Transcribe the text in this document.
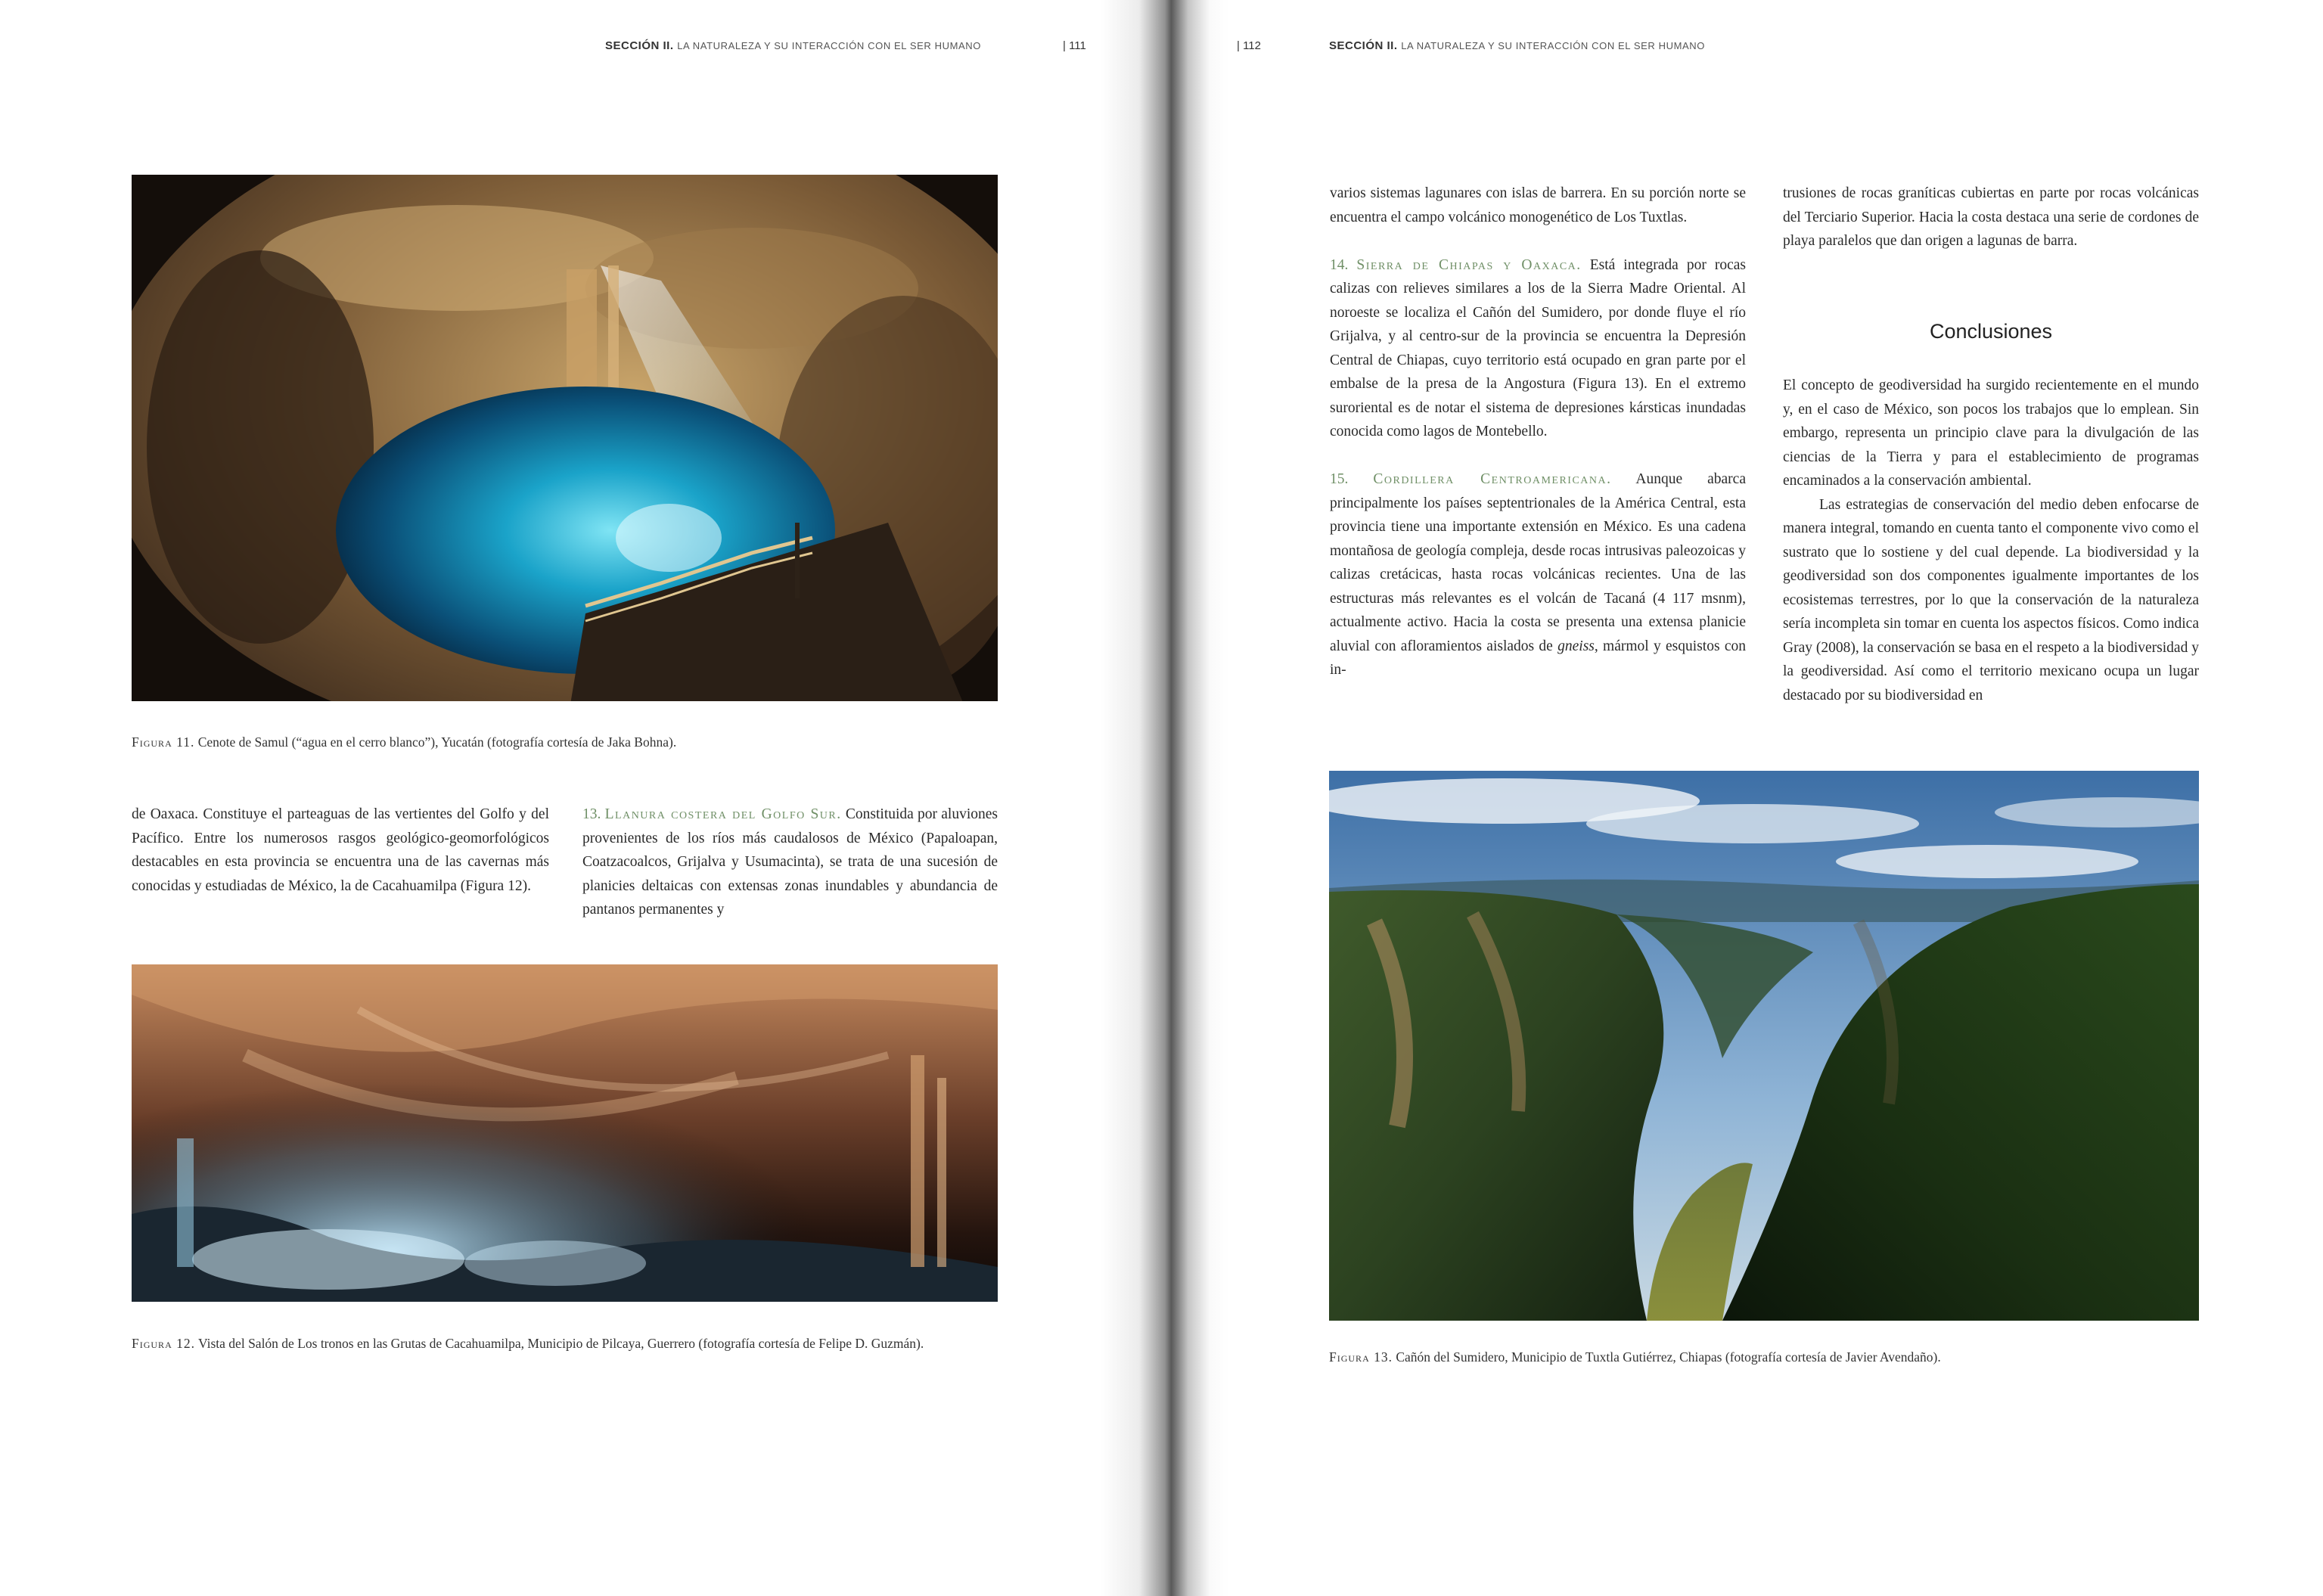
SECCIÓN II. LA NATURALEZA Y SU INTERACCIÓN CON EL SER HUMANO	| 111
Figura 11. Cenote de Samul (“agua en el cerro blanco”), Yucatán (fotografía cortesía de Jaka Bohna).

de Oaxaca. Constituye el parteaguas de las vertientes del Golfo y del Pacífico. Entre los numerosos rasgos geológico-geomorfológicos destacables en esta provincia se encuentra una de las cavernas más conocidas y estudiadas de México, la de Cacahuamilpa (Figura 12).

13. Llanura costera del Golfo Sur. Constituida por aluviones provenientes de los ríos más caudalosos de México (Papaloapan, Coatzacoalcos, Grijalva y Usumacinta), se trata de una sucesión de planicies deltaicas con extensas zonas inundables y abundancia de pantanos permanentes y

Figura 12. Vista del Salón de Los tronos en las Grutas de Cacahuamilpa, Municipio de Pilcaya, Guerrero (fotografía cortesía de Felipe D. Guzmán).
| 112	SECCIÓN II. LA NATURALEZA Y SU INTERACCIÓN CON EL SER HUMANO

varios sistemas lagunares con islas de barrera. En su porción norte se encuentra el campo volcánico monogenético de Los Tuxtlas.

14. Sierra de Chiapas y Oaxaca. Está integrada por rocas calizas con relieves similares a los de la Sierra Madre Oriental. Al noroeste se localiza el Cañón del Sumidero, por donde fluye el río Grijalva, y al centro-sur de la provincia se encuentra la Depresión Central de Chiapas, cuyo territorio está ocupado en gran parte por el embalse de la presa de la Angostura (Figura 13). En el extremo suroriental es de notar el sistema de depresiones kársticas inundadas conocida como lagos de Montebello.

15. Cordillera Centroamericana. Aunque abarca principalmente los países septentrionales de la América Central, esta provincia tiene una importante extensión en México. Es una cadena montañosa de geología compleja, desde rocas intrusivas paleozoicas y calizas cretácicas, hasta rocas volcánicas recientes. Una de las estructuras más relevantes es el volcán de Tacaná (4 117 msnm), actualmente activo. Hacia la costa se presenta una extensa planicie aluvial con afloramientos aislados de gneiss, mármol y esquistos con in-

trusiones de rocas graníticas cubiertas en parte por rocas volcánicas del Terciario Superior. Hacia la costa destaca una serie de cordones de playa paralelos que dan origen a lagunas de barra.

Conclusiones

El concepto de geodiversidad ha surgido recientemente en el mundo y, en el caso de México, son pocos los trabajos que lo emplean. Sin embargo, representa un principio clave para la divulgación de las ciencias de la Tierra y para el establecimiento de programas encaminados a la conservación ambiental.

Las estrategias de conservación del medio deben enfocarse de manera integral, tomando en cuenta tanto el componente vivo como el sustrato que lo sostiene y del cual depende. La biodiversidad y la geodiversidad son dos componentes igualmente importantes de los ecosistemas terrestres, por lo que la conservación de la naturaleza sería incompleta sin tomar en cuenta los aspectos físicos. Como indica Gray (2008), la conservación se basa en el respeto a la biodiversidad y la geodiversidad. Así como el territorio mexicano ocupa un lugar destacado por su biodiversidad en

Figura 13. Cañón del Sumidero, Municipio de Tuxtla Gutiérrez, Chiapas (fotografía cortesía de Javier Avendaño).
